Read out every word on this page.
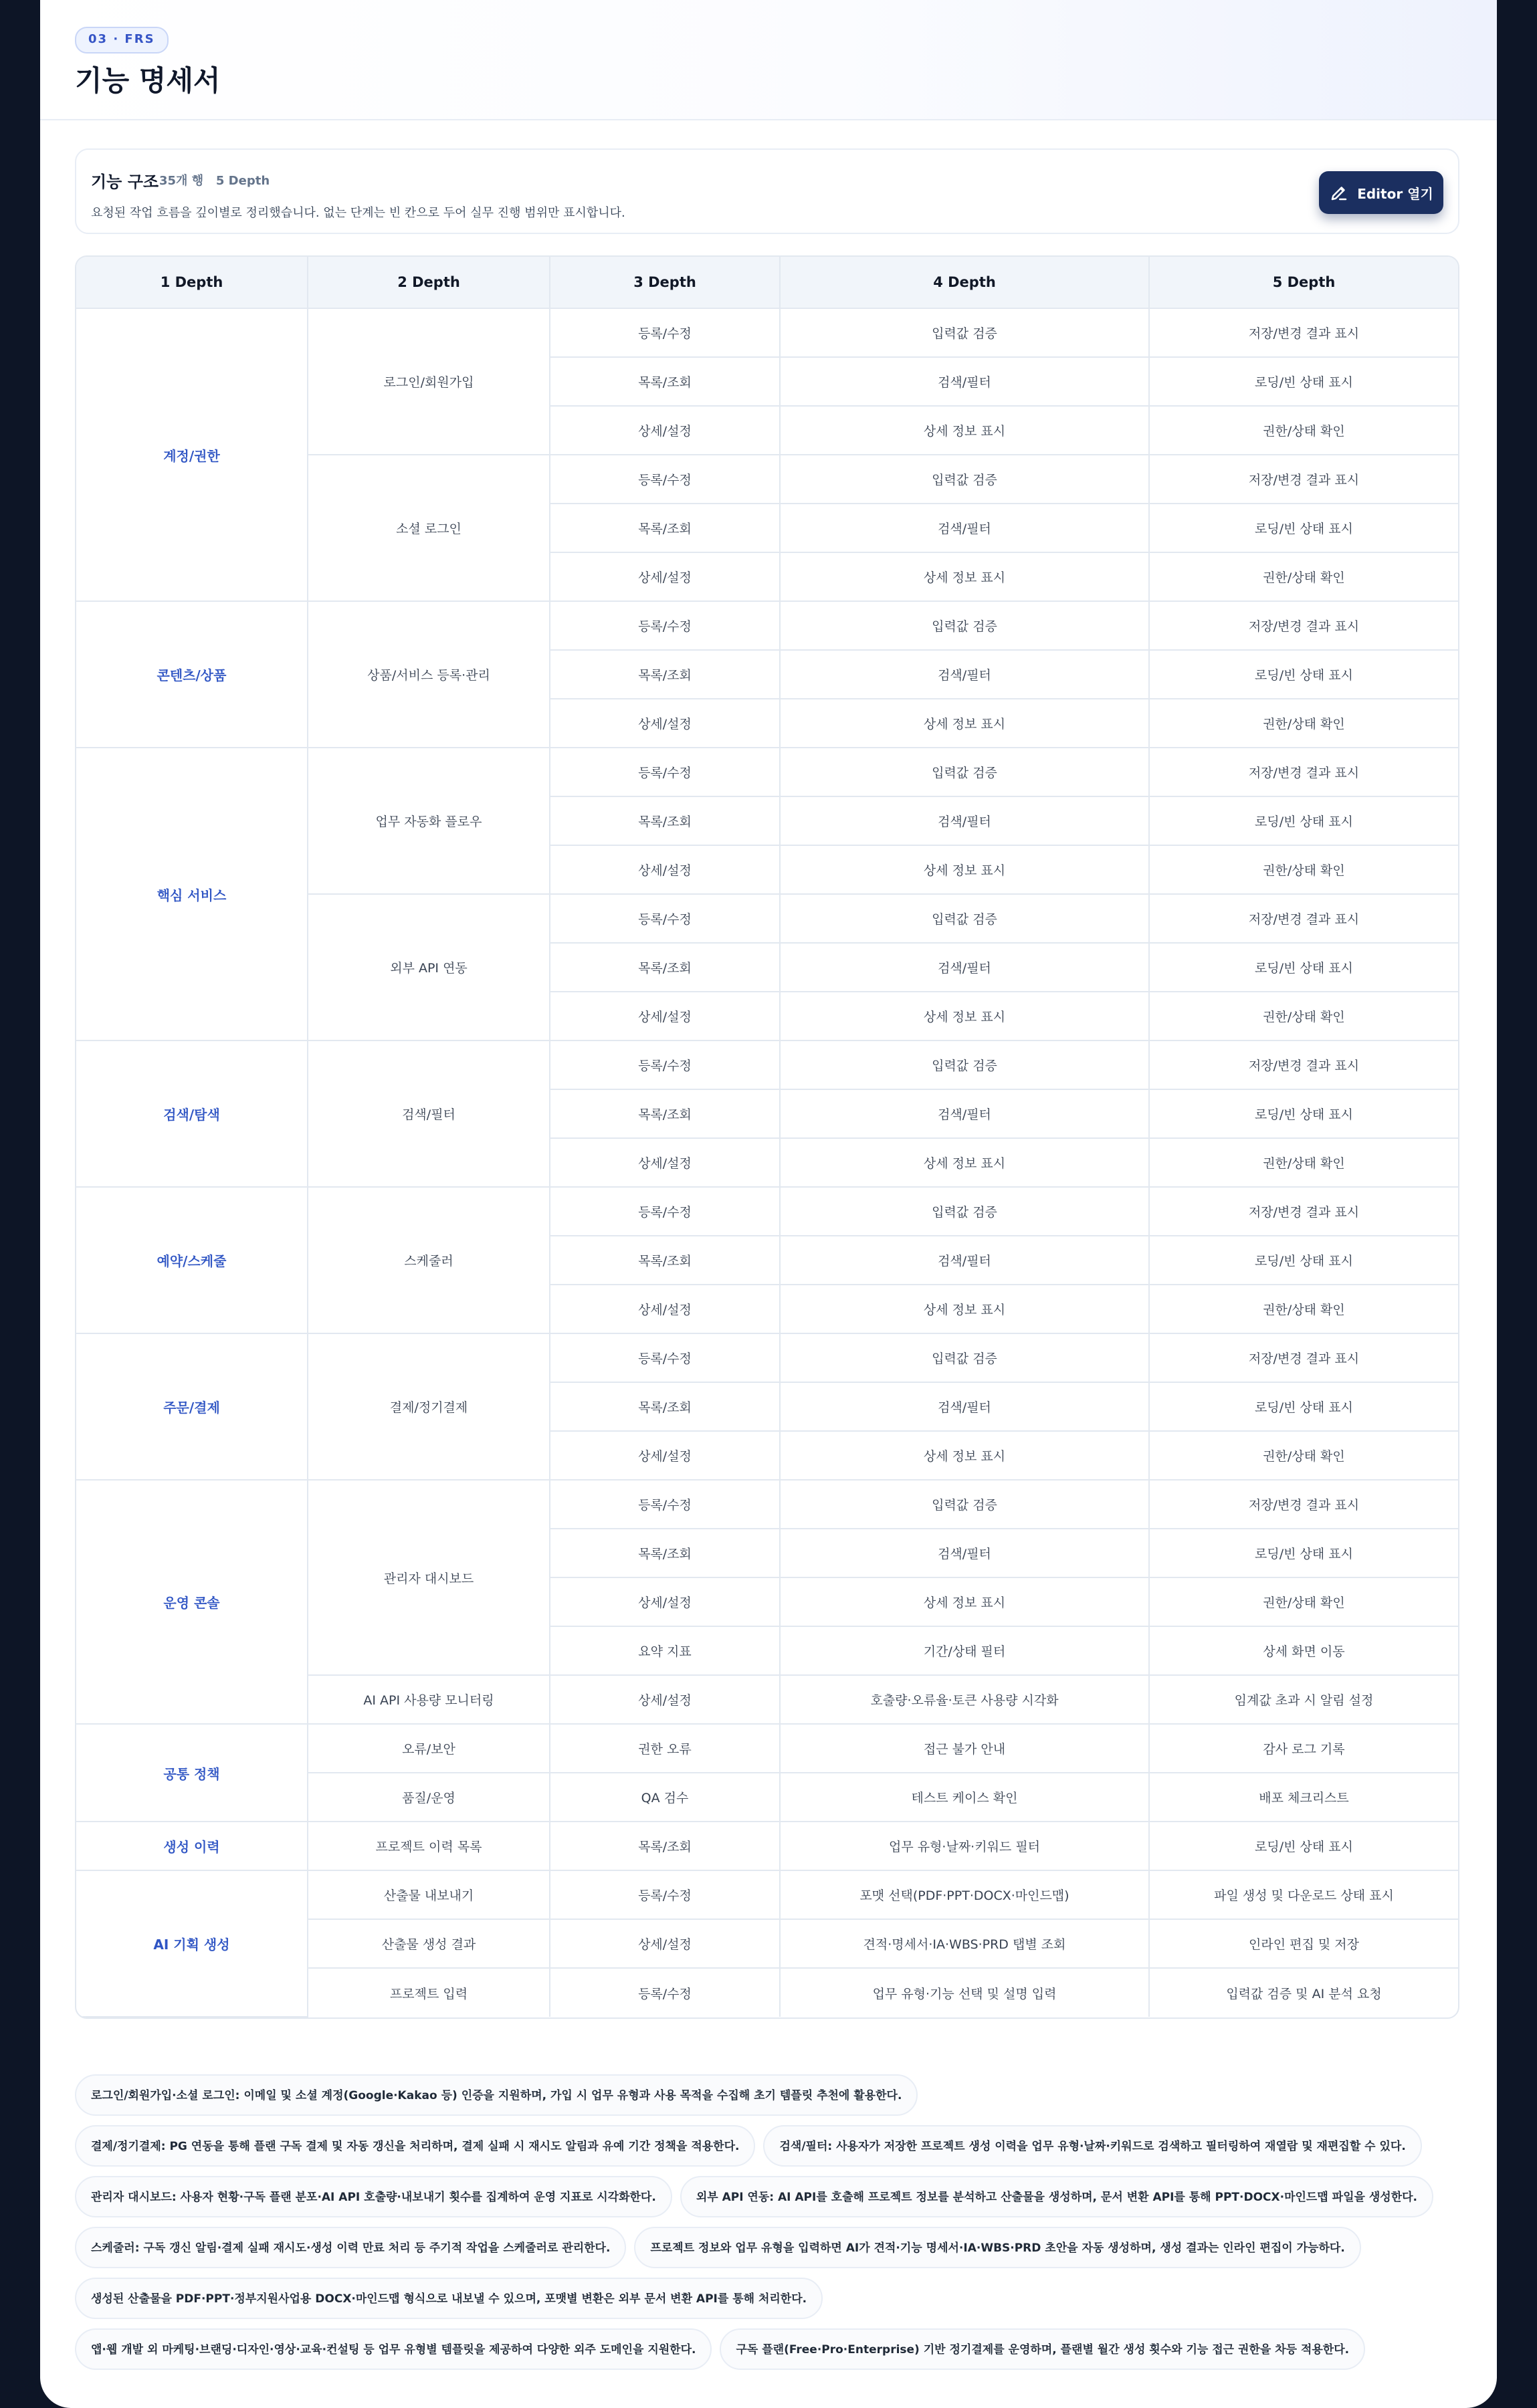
03 · FRS
기능 명세서
기능 구조 35개 행   5 Depth
요청된 작업 흐름을 깊이별로 정리했습니다. 없는 단계는 빈 칸으로 두어 실무 진행 범위만 표시합니다.
Editor 열기
1 Depth	2 Depth	3 Depth	4 Depth	5 Depth
계정/권한	로그인/회원가입	등록/수정	입력값 검증	저장/변경 결과 표시
		목록/조회	검색/필터	로딩/빈 상태 표시
		상세/설정	상세 정보 표시	권한/상태 확인
	소셜 로그인	등록/수정	입력값 검증	저장/변경 결과 표시
		목록/조회	검색/필터	로딩/빈 상태 표시
		상세/설정	상세 정보 표시	권한/상태 확인
콘텐츠/상품	상품/서비스 등록·관리	등록/수정	입력값 검증	저장/변경 결과 표시
		목록/조회	검색/필터	로딩/빈 상태 표시
		상세/설정	상세 정보 표시	권한/상태 확인
핵심 서비스	업무 자동화 플로우	등록/수정	입력값 검증	저장/변경 결과 표시
		목록/조회	검색/필터	로딩/빈 상태 표시
		상세/설정	상세 정보 표시	권한/상태 확인
	외부 API 연동	등록/수정	입력값 검증	저장/변경 결과 표시
		목록/조회	검색/필터	로딩/빈 상태 표시
		상세/설정	상세 정보 표시	권한/상태 확인
검색/탐색	검색/필터	등록/수정	입력값 검증	저장/변경 결과 표시
		목록/조회	검색/필터	로딩/빈 상태 표시
		상세/설정	상세 정보 표시	권한/상태 확인
예약/스케줄	스케줄러	등록/수정	입력값 검증	저장/변경 결과 표시
		목록/조회	검색/필터	로딩/빈 상태 표시
		상세/설정	상세 정보 표시	권한/상태 확인
주문/결제	결제/정기결제	등록/수정	입력값 검증	저장/변경 결과 표시
		목록/조회	검색/필터	로딩/빈 상태 표시
		상세/설정	상세 정보 표시	권한/상태 확인
운영 콘솔	관리자 대시보드	등록/수정	입력값 검증	저장/변경 결과 표시
		목록/조회	검색/필터	로딩/빈 상태 표시
		상세/설정	상세 정보 표시	권한/상태 확인
		요약 지표	기간/상태 필터	상세 화면 이동
	AI API 사용량 모니터링	상세/설정	호출량·오류율·토큰 사용량 시각화	임계값 초과 시 알림 설정
공통 정책	오류/보안	권한 오류	접근 불가 안내	감사 로그 기록
	품질/운영	QA 검수	테스트 케이스 확인	배포 체크리스트
생성 이력	프로젝트 이력 목록	목록/조회	업무 유형·날짜·키워드 필터	로딩/빈 상태 표시
AI 기획 생성	산출물 내보내기	등록/수정	포맷 선택(PDF·PPT·DOCX·마인드맵)	파일 생성 및 다운로드 상태 표시
	산출물 생성 결과	상세/설정	견적·명세서·IA·WBS·PRD 탭별 조회	인라인 편집 및 저장
	프로젝트 입력	등록/수정	업무 유형·기능 선택 및 설명 입력	입력값 검증 및 AI 분석 요청
로그인/회원가입·소셜 로그인: 이메일 및 소셜 계정(Google·Kakao 등) 인증을 지원하며, 가입 시 업무 유형과 사용 목적을 수집해 초기 템플릿 추천에 활용한다.
결제/정기결제: PG 연동을 통해 플랜 구독 결제 및 자동 갱신을 처리하며, 결제 실패 시 재시도 알림과 유예 기간 정책을 적용한다.	검색/필터: 사용자가 저장한 프로젝트 생성 이력을 업무 유형·날짜·키워드로 검색하고 필터링하여 재열람 및 재편집할 수 있다.
관리자 대시보드: 사용자 현황·구독 플랜 분포·AI API 호출량·내보내기 횟수를 집계하여 운영 지표로 시각화한다.	외부 API 연동: AI API를 호출해 프로젝트 정보를 분석하고 산출물을 생성하며, 문서 변환 API를 통해 PPT·DOCX·마인드맵 파일을 생성한다.
스케줄러: 구독 갱신 알림·결제 실패 재시도·생성 이력 만료 처리 등 주기적 작업을 스케줄러로 관리한다.	프로젝트 정보와 업무 유형을 입력하면 AI가 견적·기능 명세서·IA·WBS·PRD 초안을 자동 생성하며, 생성 결과는 인라인 편집이 가능하다.
생성된 산출물을 PDF·PPT·정부지원사업용 DOCX·마인드맵 형식으로 내보낼 수 있으며, 포맷별 변환은 외부 문서 변환 API를 통해 처리한다.
앱·웹 개발 외 마케팅·브랜딩·디자인·영상·교육·컨설팅 등 업무 유형별 템플릿을 제공하여 다양한 외주 도메인을 지원한다.	구독 플랜(Free·Pro·Enterprise) 기반 정기결제를 운영하며, 플랜별 월간 생성 횟수와 기능 접근 권한을 차등 적용한다.
